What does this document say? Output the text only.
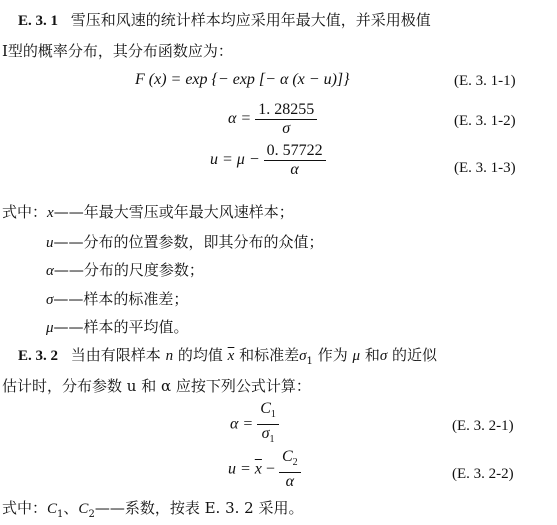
E. 3. 1 雪压和风速的统计样本均应采用年最大值，并采用极值
Ⅰ型的概率分布，其分布函数应为：
F (x) = exp {− exp [− α (x − u)]}	(E. 3. 1-1)
$\alpha = \frac{1. 28255}{\sigma}$	(E. 3. 1-2)
$u = \mu - \frac{0. 57722}{\alpha}$	(E. 3. 1-3)
式中：x——年最大雪压或年最大风速样本；
u——分布的位置参数，即其分布的众值；
α——分布的尺度参数；
σ——样本的标准差；
μ——样本的平均值。
E. 3. 2 当由有限样本 n 的均值 $\overline{x}$ 和标准差$\sigma_1$ 作为 μ 和σ 的近似
估计时，分布参数 u 和 α 应按下列公式计算：
$\alpha = \frac{C_1}{\sigma_1}$	(E. 3. 2-1)
$u = \overline{x} - \frac{C_2}{\alpha}$	(E. 3. 2-2)
式中：$C_1$、$C_2——$系数，按表 E. 3. 2 采用。
